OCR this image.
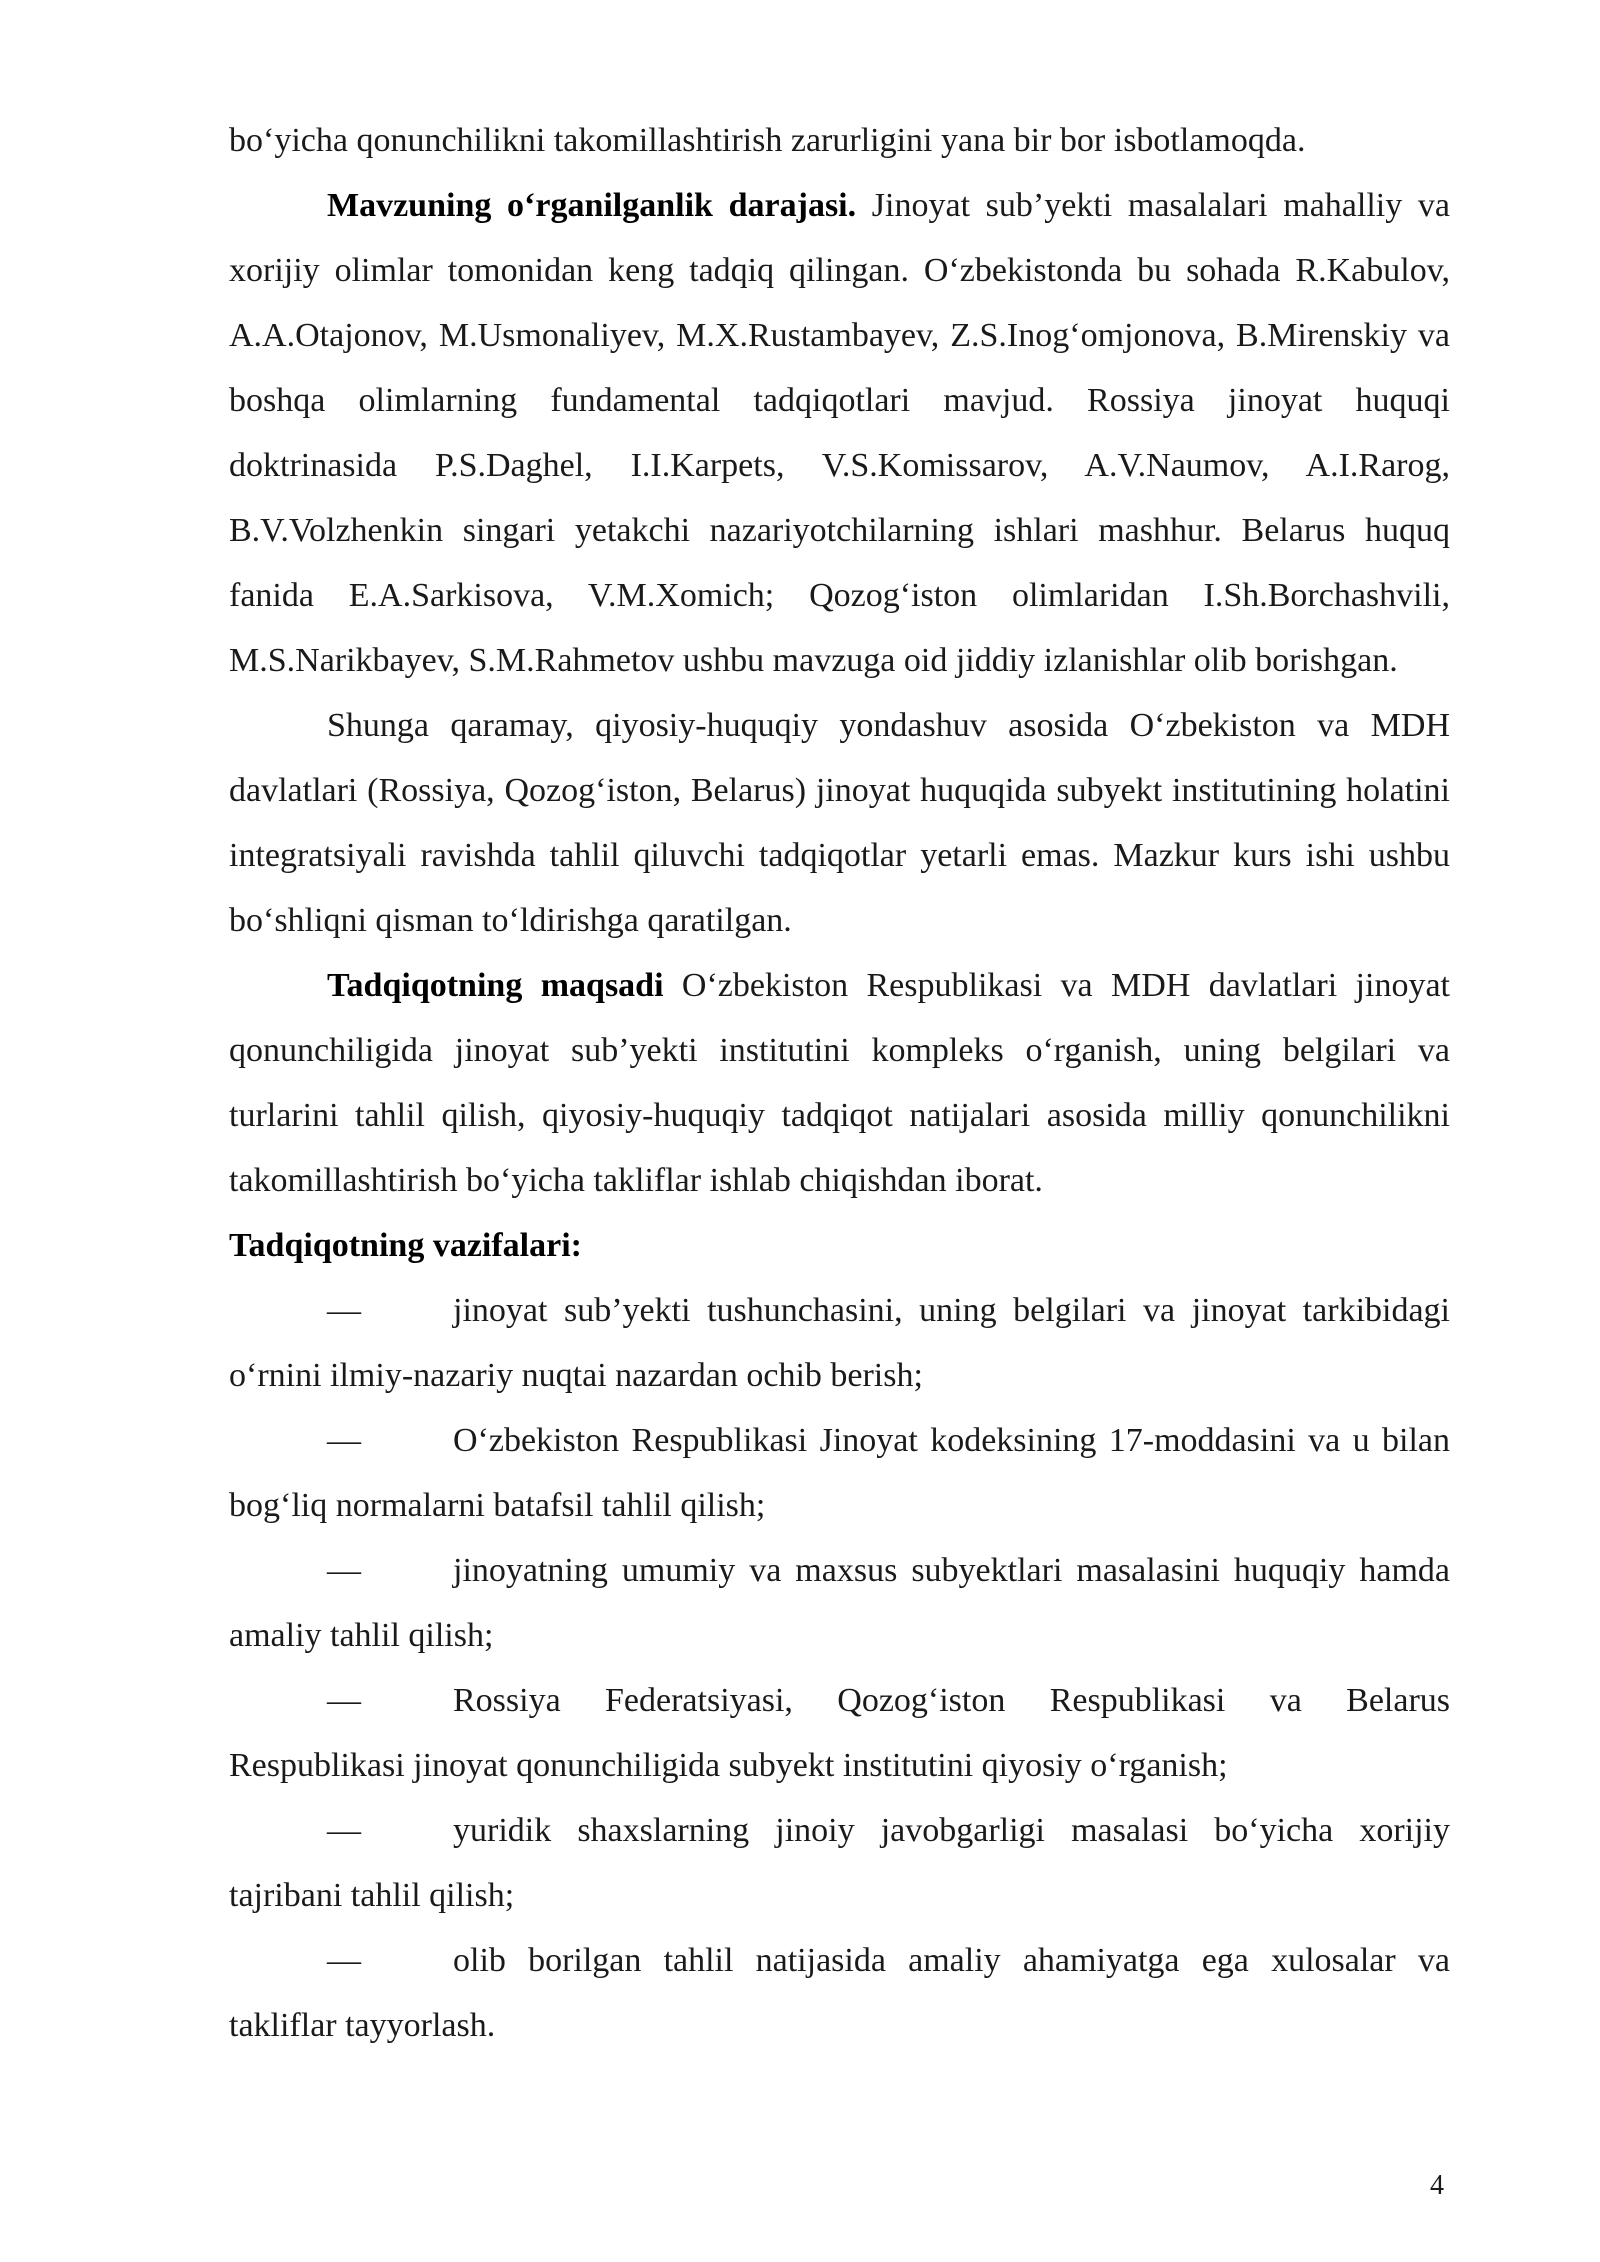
bo‘yicha qonunchilikni takomillashtirish zarurligini yana bir bor isbotlamoqda.

Mavzuning o‘rganilganlik darajasi. Jinoyat sub’yekti masalalari mahalliy va xorijiy olimlar tomonidan keng tadqiq qilingan. O‘zbekistonda bu sohada R.Kabulov, A.A.Otajonov, M.Usmonaliyev, M.X.Rustambayev, Z.S.Inog‘omjonova, B.Mirenskiy va boshqa olimlarning fundamental tadqiqotlari mavjud. Rossiya jinoyat huquqi doktrinasida P.S.Daghel, I.I.Karpets, V.S.Komissarov, A.V.Naumov, A.I.Rarog, B.V.Volzhenkin singari yetakchi nazariyotchilarning ishlari mashhur. Belarus huquq fanida E.A.Sarkisova, V.M.Xomich; Qozog‘iston olimlaridan I.Sh.Borchashvili, M.S.Narikbayev, S.M.Rahmetov ushbu mavzuga oid jiddiy izlanishlar olib borishgan.

Shunga qaramay, qiyosiy-huquqiy yondashuv asosida O‘zbekiston va MDH davlatlari (Rossiya, Qozog‘iston, Belarus) jinoyat huquqida subyekt institutining holatini integratsiyali ravishda tahlil qiluvchi tadqiqotlar yetarli emas. Mazkur kurs ishi ushbu bo‘shliqni qisman to‘ldirishga qaratilgan.

Tadqiqotning maqsadi O‘zbekiston Respublikasi va MDH davlatlari jinoyat qonunchiligida jinoyat sub’yekti institutini kompleks o‘rganish, uning belgilari va turlarini tahlil qilish, qiyosiy-huquqiy tadqiqot natijalari asosida milliy qonunchilikni takomillashtirish bo‘yicha takliflar ishlab chiqishdan iborat.

Tadqiqotning vazifalari:

—	jinoyat sub’yekti tushunchasini, uning belgilari va jinoyat tarkibidagi o‘rnini ilmiy-nazariy nuqtai nazardan ochib berish;

—	O‘zbekiston Respublikasi Jinoyat kodeksining 17-moddasini va u bilan bog‘liq normalarni batafsil tahlil qilish;

—	jinoyatning umumiy va maxsus subyektlari masalasini huquqiy hamda amaliy tahlil qilish;

—	Rossiya Federatsiyasi, Qozog‘iston Respublikasi va Belarus Respublikasi jinoyat qonunchiligida subyekt institutini qiyosiy o‘rganish;

—	yuridik shaxslarning jinoiy javobgarligi masalasi bo‘yicha xorijiy tajribani tahlil qilish;

—	olib borilgan tahlil natijasida amaliy ahamiyatga ega xulosalar va takliflar tayyorlash.

4
